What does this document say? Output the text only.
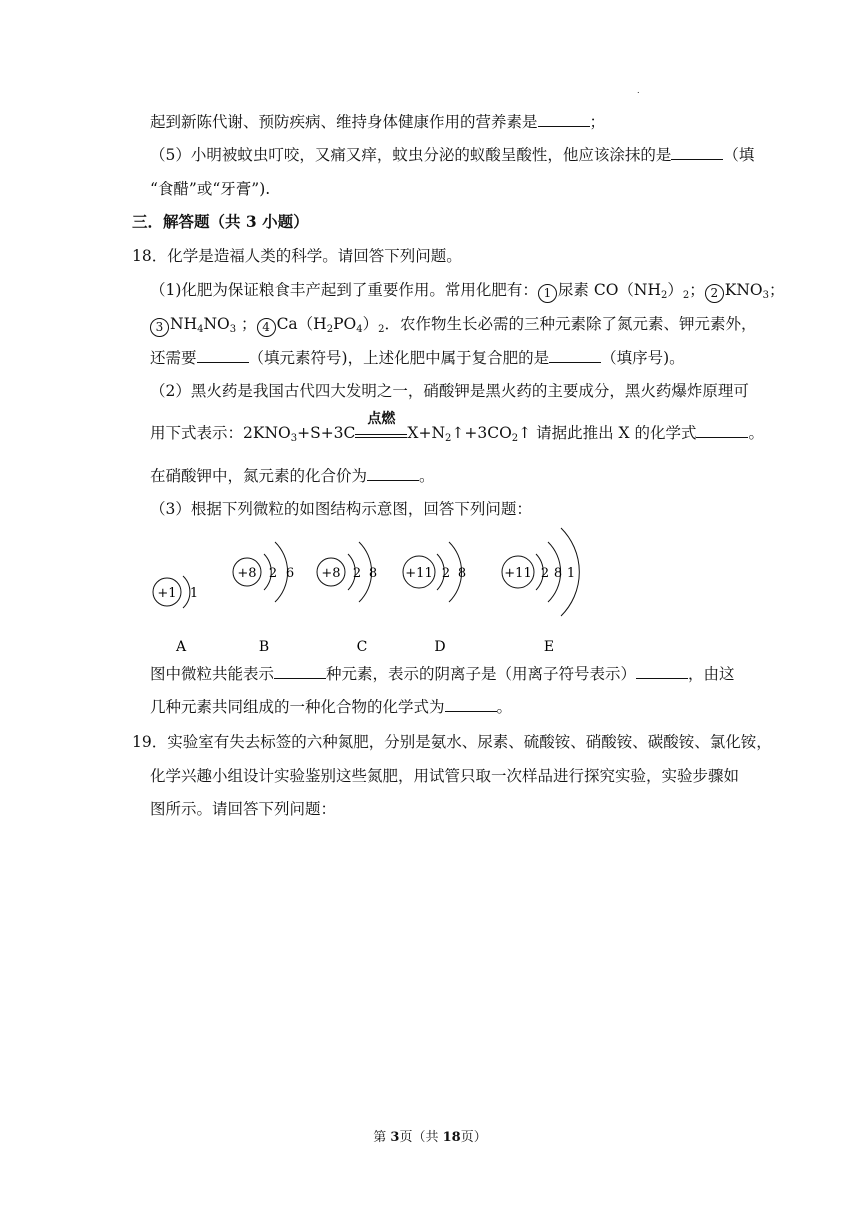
.
起到新陈代谢、预防疾病、维持身体健康作用的营养素是	；
（5）小明被蚊虫叮咬，又痛又痒，蚊虫分泌的蚁酸呈酸性，他应该涂抹的是	（填
“食醋”或“牙膏”).
三．解答题（共 3 小题）
18．化学是造福人类的科学。请回答下列问题。
（1)化肥为保证粮食丰产起到了重要作用。常用化肥有： 1 尿素 $CO(NH_2)_2$； 2 $KNO_3$；
3 $NH_4NO_3$ ； 4 $Ca(H_2PO_4)_2$．农作物生长必需的三种元素除了氮元素、钾元素外，
还需要	（填元素符号)，上述化肥中属于复合肥的是	（填序号)。
（2）黑火药是我国古代四大发明之一，硝酸钾是黑火药的主要成分，黑火药爆炸原理可
用下式表示：$2KNO_3+S+3C$
点燃
$X+N_2↑+3CO_2↑$ 请据此推出 X 的化学式	。
在硝酸钾中，氮元素的化合价为	。
（3）根据下列微粒的如图结构示意图，回答下列问题：
+1 1
A
+8 2 6
B
+8 2 8
C
+11 2 8
D
+11 2 8 1
E
图中微粒共能表示	种元素，表示的阴离子是（用离子符号表示）	，由这
几种元素共同组成的一种化合物的化学式为	。
19．实验室有失去标签的六种氮肥，分别是氨水、尿素、硫酸铵、硝酸铵、碳酸铵、氯化铵，
化学兴趣小组设计实验鉴别这些氮肥，用试管只取一次样品进行探究实验，实验步骤如
图所示。请回答下列问题：
第 3页（共 18页）
